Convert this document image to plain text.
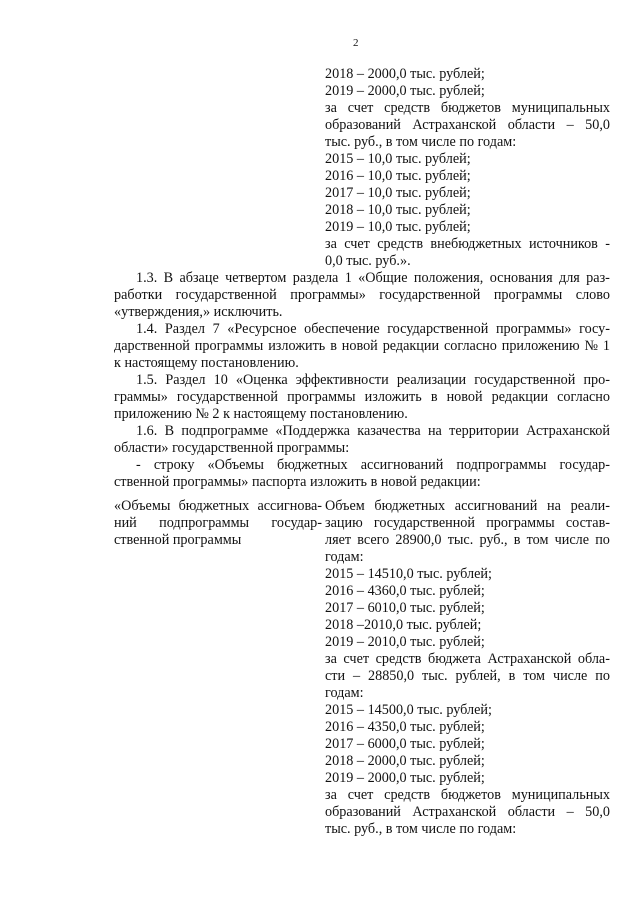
2
2018 – 2000,0 тыс. рублей;
2019 – 2000,0 тыс. рублей;
за счет средств бюджетов муниципальных
образований Астраханской области – 50,0
тыс. руб., в том числе по годам:
2015 – 10,0 тыс. рублей;
2016 – 10,0 тыс. рублей;
2017 – 10,0 тыс. рублей;
2018 – 10,0 тыс. рублей;
2019 – 10,0 тыс. рублей;
за счет средств внебюджетных источников -
0,0 тыс. руб.».
1.3. В абзаце четвертом раздела 1 «Общие положения, основания для раз-
работки государственной программы» государственной программы слово
«утверждения,» исключить.
1.4. Раздел 7 «Ресурсное обеспечение государственной программы» госу-
дарственной программы изложить в новой редакции согласно приложению № 1
к настоящему постановлению.
1.5. Раздел 10 «Оценка эффективности реализации государственной про-
граммы» государственной программы изложить в новой редакции согласно
приложению № 2 к настоящему постановлению.
1.6. В подпрограмме «Поддержка казачества на территории Астраханской
области» государственной программы:
- строку «Объемы бюджетных ассигнований подпрограммы государ-
ственной программы» паспорта изложить в новой редакции:
«Объемы бюджетных ассигнова-
ний подпрограммы государ-
ственной программы
Объем бюджетных ассигнований на реали-
зацию государственной программы состав-
ляет всего 28900,0 тыс. руб., в том числе по
годам:
2015 – 14510,0 тыс. рублей;
2016 – 4360,0 тыс. рублей;
2017 – 6010,0 тыс. рублей;
2018 –2010,0 тыс. рублей;
2019 – 2010,0 тыс. рублей;
за счет средств бюджета Астраханской обла-
сти – 28850,0 тыс. рублей, в том числе по
годам:
2015 – 14500,0 тыс. рублей;
2016 – 4350,0 тыс. рублей;
2017 – 6000,0 тыс. рублей;
2018 – 2000,0 тыс. рублей;
2019 – 2000,0 тыс. рублей;
за счет средств бюджетов муниципальных
образований Астраханской области – 50,0
тыс. руб., в том числе по годам:
